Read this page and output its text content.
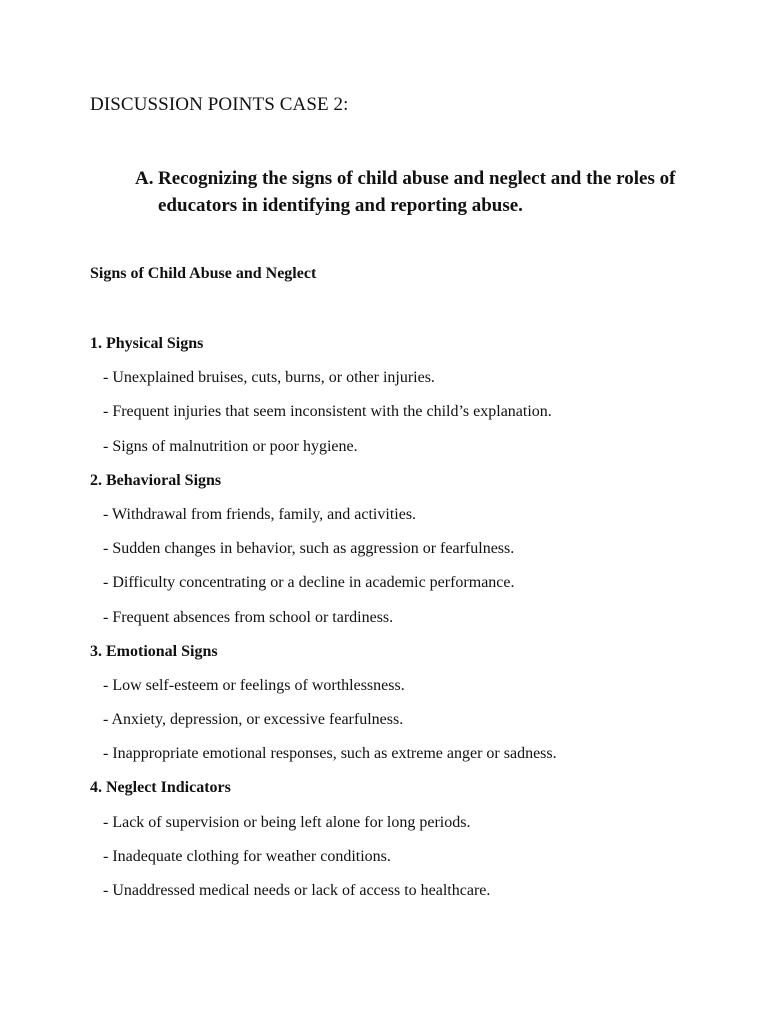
DISCUSSION POINTS CASE 2:
A. Recognizing the signs of child abuse and neglect and the roles of educators in identifying and reporting abuse.
Signs of Child Abuse and Neglect
1. Physical Signs
- Unexplained bruises, cuts, burns, or other injuries.
- Frequent injuries that seem inconsistent with the child’s explanation.
- Signs of malnutrition or poor hygiene.
2. Behavioral Signs
- Withdrawal from friends, family, and activities.
- Sudden changes in behavior, such as aggression or fearfulness.
- Difficulty concentrating or a decline in academic performance.
- Frequent absences from school or tardiness.
3. Emotional Signs
- Low self-esteem or feelings of worthlessness.
- Anxiety, depression, or excessive fearfulness.
- Inappropriate emotional responses, such as extreme anger or sadness.
4. Neglect Indicators
- Lack of supervision or being left alone for long periods.
- Inadequate clothing for weather conditions.
- Unaddressed medical needs or lack of access to healthcare.
